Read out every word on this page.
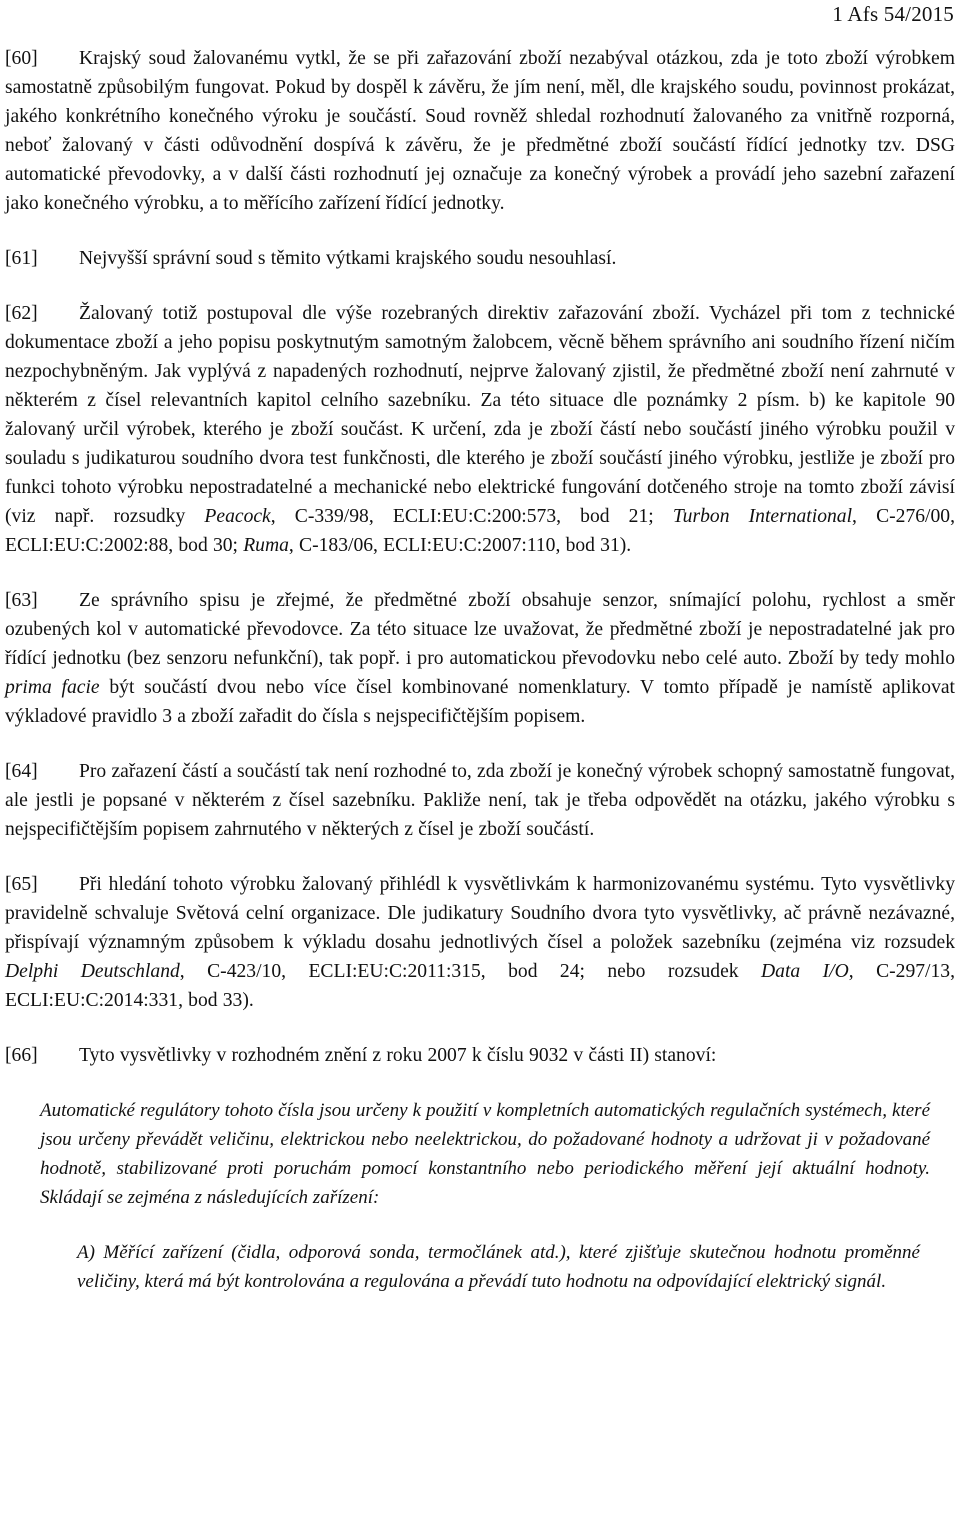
1 Afs 54/2015

[60] Krajský soud žalovanému vytkl, že se při zařazování zboží nezabýval otázkou, zda je toto zboží výrobkem samostatně způsobilým fungovat. Pokud by dospěl k závěru, že jím není, měl, dle krajského soudu, povinnost prokázat, jakého konkrétního konečného výroku je součástí. Soud rovněž shledal rozhodnutí žalovaného za vnitřně rozporná, neboť žalovaný v části odůvodnění dospívá k závěru, že je předmětné zboží součástí řídící jednotky tzv. DSG automatické převodovky, a v další části rozhodnutí jej označuje za konečný výrobek a provádí jeho sazební zařazení jako konečného výrobku, a to měřícího zařízení řídící jednotky.

[61] Nejvyšší správní soud s těmito výtkami krajského soudu nesouhlasí.

[62] Žalovaný totiž postupoval dle výše rozebraných direktiv zařazování zboží. Vycházel při tom z technické dokumentace zboží a jeho popisu poskytnutým samotným žalobcem, věcně během správního ani soudního řízení ničím nezpochybněným. Jak vyplývá z napadených rozhodnutí, nejprve žalovaný zjistil, že předmětné zboží není zahrnuté v některém z čísel relevantních kapitol celního sazebníku. Za této situace dle poznámky 2 písm. b) ke kapitole 90 žalovaný určil výrobek, kterého je zboží součást. K určení, zda je zboží částí nebo součástí jiného výrobku použil v souladu s judikaturou soudního dvora test funkčnosti, dle kterého je zboží součástí jiného výrobku, jestliže je zboží pro funkci tohoto výrobku nepostradatelné a mechanické nebo elektrické fungování dotčeného stroje na tomto zboží závisí (viz např. rozsudky Peacock, C-339/98, ECLI:EU:C:200:573, bod 21; Turbon International, C-276/00, ECLI:EU:C:2002:88, bod 30; Ruma, C-183/06, ECLI:EU:C:2007:110, bod 31).

[63] Ze správního spisu je zřejmé, že předmětné zboží obsahuje senzor, snímající polohu, rychlost a směr ozubených kol v automatické převodovce. Za této situace lze uvažovat, že předmětné zboží je nepostradatelné jak pro řídící jednotku (bez senzoru nefunkční), tak popř. i pro automatickou převodovku nebo celé auto. Zboží by tedy mohlo prima facie být součástí dvou nebo více čísel kombinované nomenklatury. V tomto případě je namístě aplikovat výkladové pravidlo 3 a zboží zařadit do čísla s nejspecifičtějším popisem.

[64] Pro zařazení částí a součástí tak není rozhodné to, zda zboží je konečný výrobek schopný samostatně fungovat, ale jestli je popsané v některém z čísel sazebníku. Pakliže není, tak je třeba odpovědět na otázku, jakého výrobku s nejspecifičtějším popisem zahrnutého v některých z čísel je zboží součástí.

[65] Při hledání tohoto výrobku žalovaný přihlédl k vysvětlivkám k harmonizovanému systému. Tyto vysvětlivky pravidelně schvaluje Světová celní organizace. Dle judikatury Soudního dvora tyto vysvětlivky, ač právně nezávazné, přispívají významným způsobem k výkladu dosahu jednotlivých čísel a položek sazebníku (zejména viz rozsudek Delphi Deutschland, C-423/10, ECLI:EU:C:2011:315, bod 24; nebo rozsudek Data I/O, C-297/13, ECLI:EU:C:2014:331, bod 33).

[66] Tyto vysvětlivky v rozhodném znění z roku 2007 k číslu 9032 v části II) stanoví:

Automatické regulátory tohoto čísla jsou určeny k použití v kompletních automatických regulačních systémech, které jsou určeny převádět veličinu, elektrickou nebo neelektrickou, do požadované hodnoty a udržovat ji v požadované hodnotě, stabilizované proti poruchám pomocí konstantního nebo periodického měření její aktuální hodnoty. Skládají se zejména z následujících zařízení:

A) Měřící zařízení (čidla, odporová sonda, termočlánek atd.), které zjišťuje skutečnou hodnotu proměnné veličiny, která má být kontrolována a regulována a převádí tuto hodnotu na odpovídající elektrický signál.
